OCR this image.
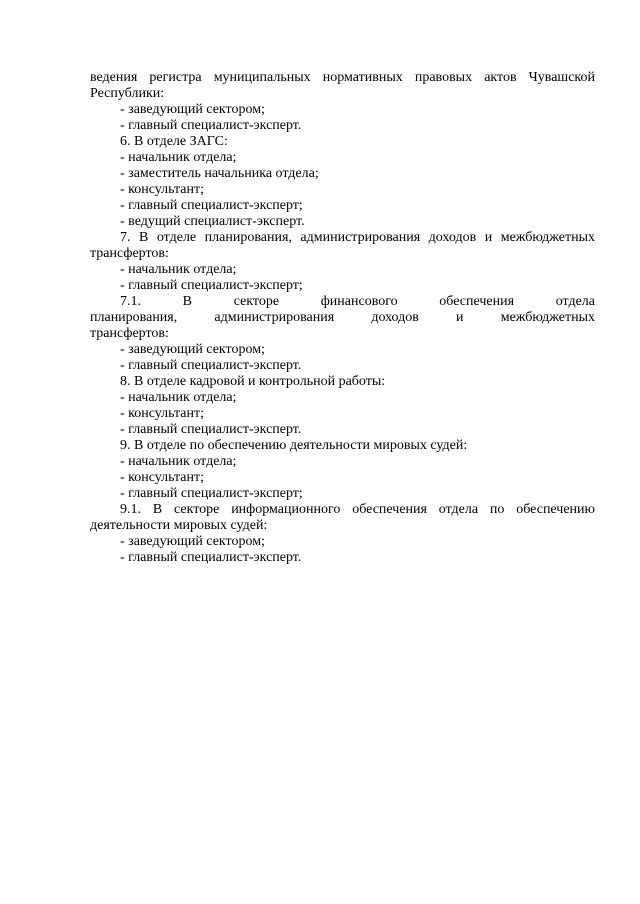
ведения регистра муниципальных нормативных правовых актов Чувашской Республики:

- заведующий сектором;

- главный специалист-эксперт.

6. В отделе ЗАГС:

- начальник отдела;

- заместитель начальника отдела;

- консультант;

- главный специалист-эксперт;

- ведущий специалист-эксперт.

7. В отделе планирования, администрирования доходов и межбюджетных трансфертов:

- начальник отдела;

- главный специалист-эксперт;

7.1. В секторе финансового обеспечения отдела планирования, администрирования доходов и межбюджетных трансфертов:

- заведующий сектором;

- главный специалист-эксперт.

8. В отделе кадровой и контрольной работы:

- начальник отдела;

- консультант;

- главный специалист-эксперт.

9. В отделе по обеспечению деятельности мировых судей:

- начальник отдела;

- консультант;

- главный специалист-эксперт;

9.1. В секторе информационного обеспечения отдела по обеспечению деятельности мировых судей:

- заведующий сектором;

- главный специалист-эксперт.
